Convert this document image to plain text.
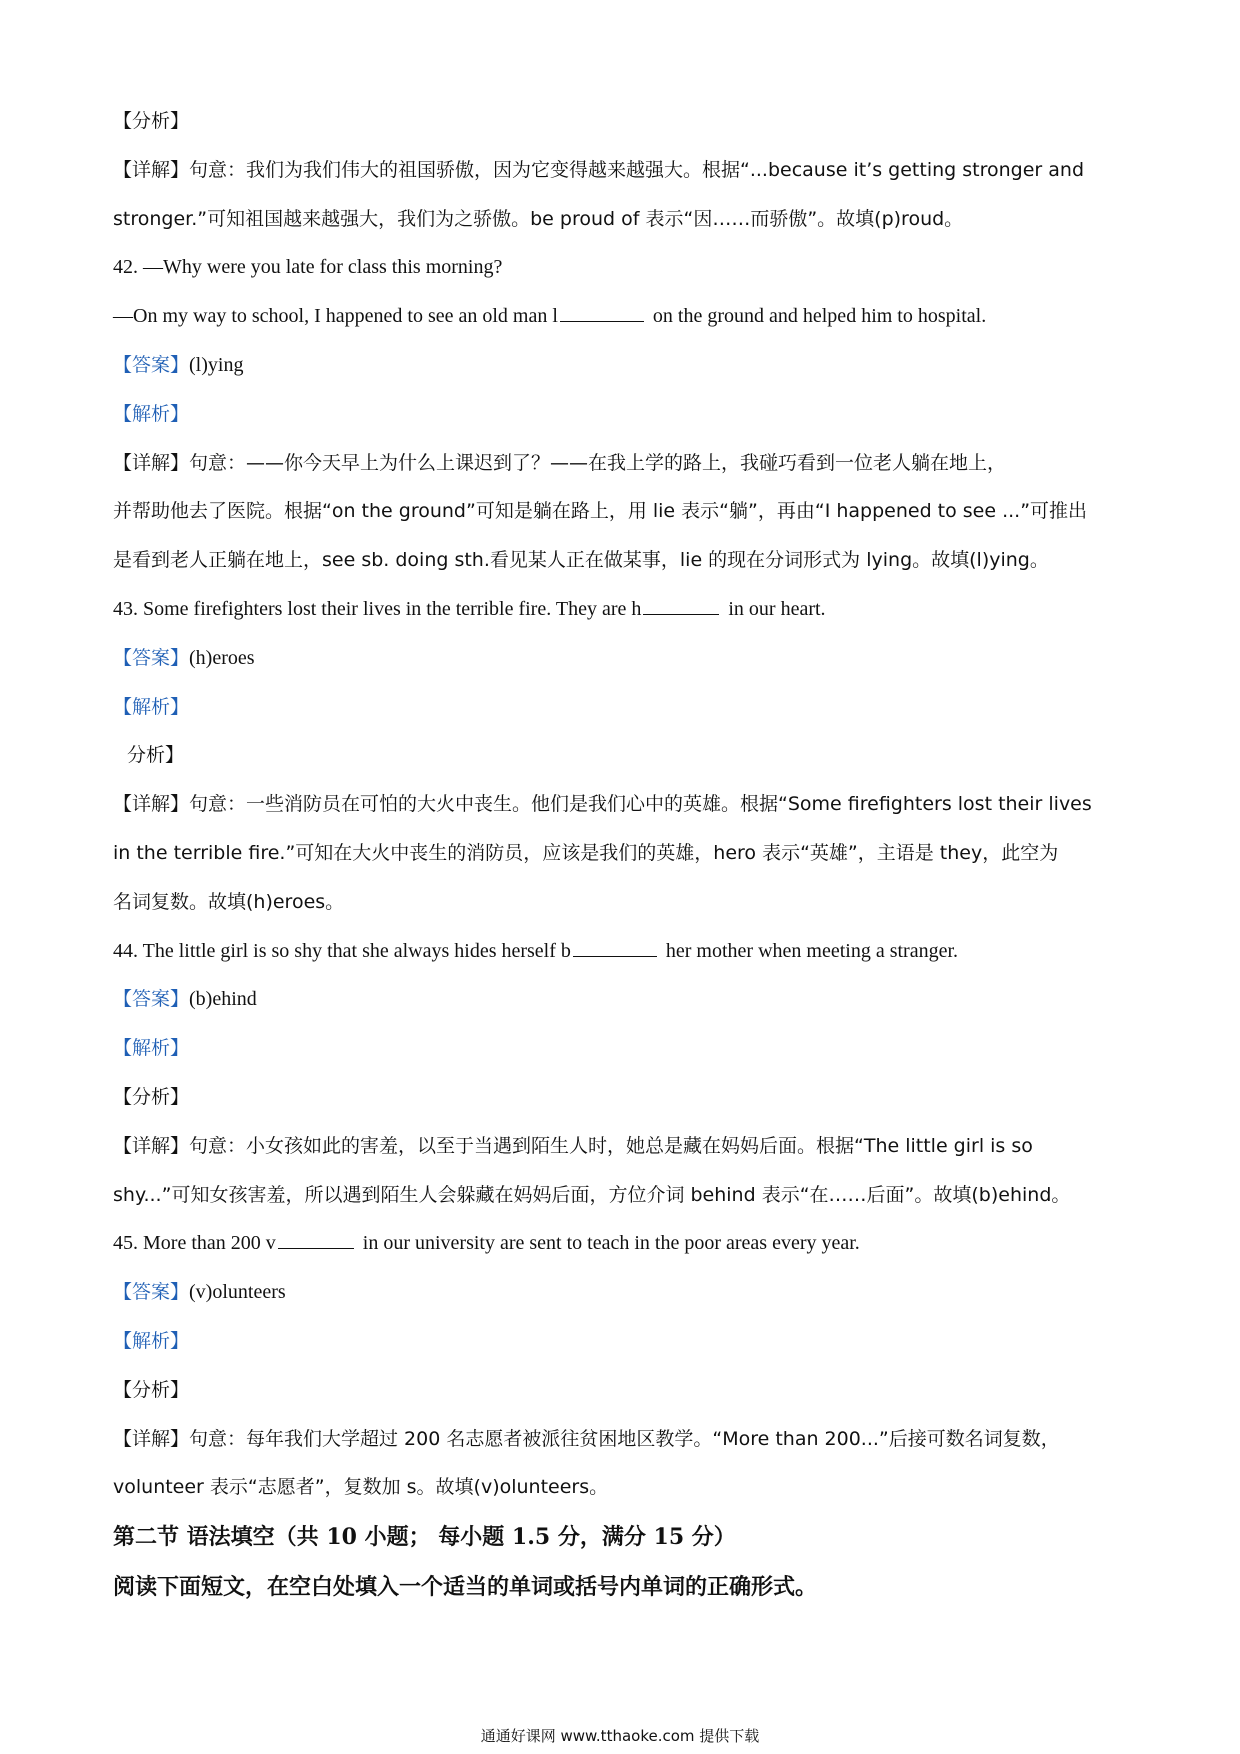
【分析】
【详解】句意：我们为我们伟大的祖国骄傲，因为它变得越来越强大。根据“...because it’s getting stronger and
stronger.”可知祖国越来越强大，我们为之骄傲。be proud of 表示“因……而骄傲”。故填(p)roud。
42. —Why were you late for class this morning?
—On my way to school, I happened to see an old man l	on the ground and helped him to hospital.
【答案】(l)ying
【解析】
【详解】句意：——你今天早上为什么上课迟到了？——在我上学的路上，我碰巧看到一位老人躺在地上，
并帮助他去了医院。根据“on the ground”可知是躺在路上，用 lie 表示“躺”，再由“I happened to see ...”可推出
是看到老人正躺在地上，see sb. doing sth.看见某人正在做某事，lie 的现在分词形式为 lying。故填(l)ying。
43. Some firefighters lost their lives in the terrible fire. They are h	in our heart.
【答案】(h)eroes
【解析】
分析】
【详解】句意：一些消防员在可怕的大火中丧生。他们是我们心中的英雄。根据“Some firefighters lost their lives
in the terrible fire.”可知在大火中丧生的消防员，应该是我们的英雄，hero 表示“英雄”，主语是 they，此空为
名词复数。故填(h)eroes。
44. The little girl is so shy that she always hides herself b	her mother when meeting a stranger.
【答案】(b)ehind
【解析】
【分析】
【详解】句意：小女孩如此的害羞，以至于当遇到陌生人时，她总是藏在妈妈后面。根据“The little girl is so
shy...”可知女孩害羞，所以遇到陌生人会躲藏在妈妈后面，方位介词 behind 表示“在……后面”。故填(b)ehind。
45. More than 200 v	in our university are sent to teach in the poor areas every year.
【答案】(v)olunteers
【解析】
【分析】
【详解】句意：每年我们大学超过 200 名志愿者被派往贫困地区教学。“More than 200...”后接可数名词复数，
volunteer 表示“志愿者”，复数加 s。故填(v)olunteers。
第二节 语法填空（共 10 小题； 每小题 1.5 分，满分 15 分）
阅读下面短文，在空白处填入一个适当的单词或括号内单词的正确形式。
通通好课网 www.tthaoke.com 提供下载
